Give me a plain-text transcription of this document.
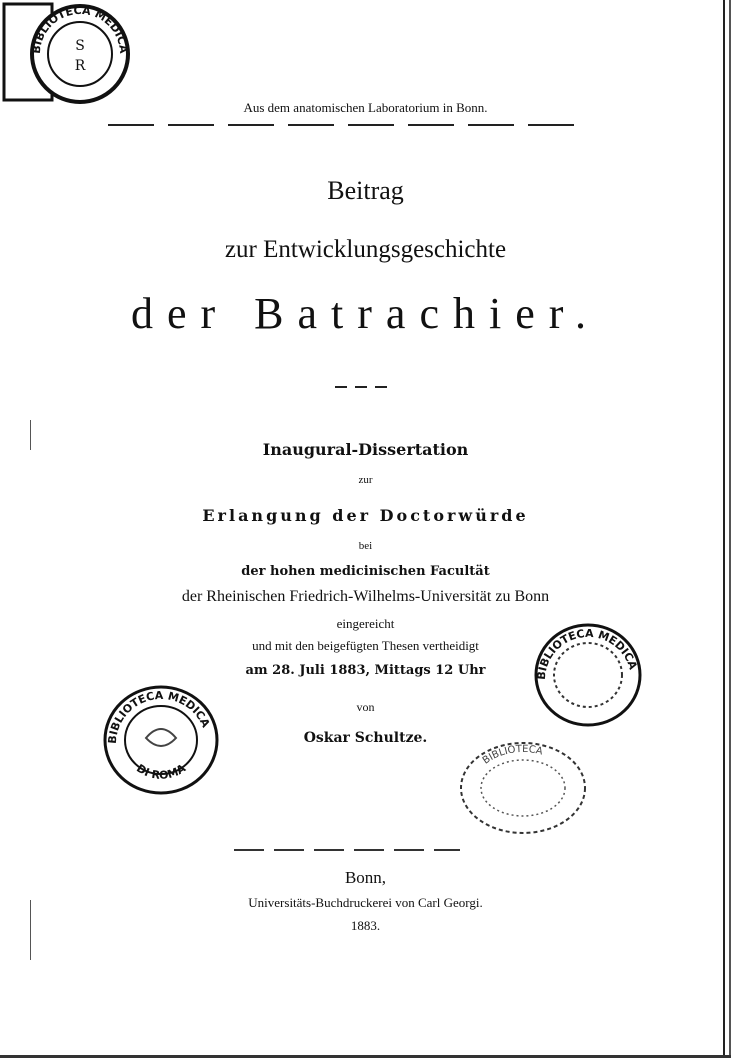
BIBLIOTECA MEDICA
S
R
Aus dem anatomischen Laboratorium in Bonn.
Beitrag
zur Entwicklungsgeschichte
der Batrachier.
Inaugural-Dissertation
zur
Erlangung der Doctorwürde
bei
der hohen medicinischen Facultät
der Rheinischen Friedrich-Wilhelms-Universität zu Bonn
eingereicht
und mit den beigefügten Thesen vertheidigt
am 28. Juli 1883, Mittags 12 Uhr
von
Oskar Schultze.
BIBLIOTECA MEDICA
DI ROMA
BIBLIOTECA MEDICA
BIBLIOTECA
Bonn,
Universitäts-Buchdruckerei von Carl Georgi.
1883.
